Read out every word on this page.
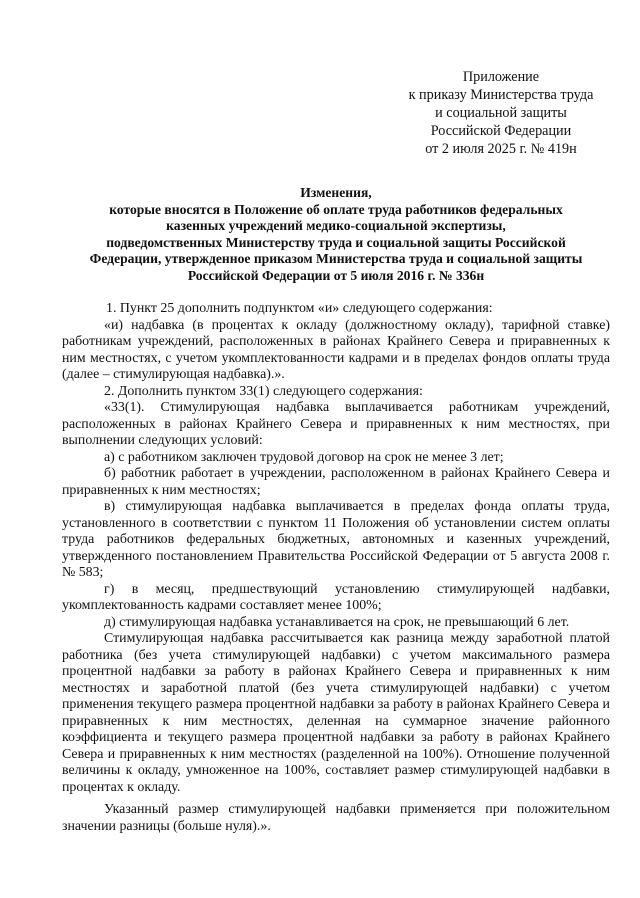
Приложение
к приказу Министерства труда
и социальной защиты
Российской Федерации
от 2 июля 2025 г. № 419н
Изменения,
которые вносятся в Положение об оплате труда работников федеральных
казенных учреждений медико-социальной экспертизы,
подведомственных Министерству труда и социальной защиты Российской
Федерации, утвержденное приказом Министерства труда и социальной защиты
Российской Федерации от 5 июля 2016 г. № 336н

1. Пункт 25 дополнить подпунктом «и» следующего содержания:

«и) надбавка (в процентах к окладу (должностному окладу), тарифной ставке) работникам учреждений, расположенных в районах Крайнего Севера и приравненных к ним местностях, с учетом укомплектованности кадрами и в пределах фондов оплаты труда (далее – стимулирующая надбавка).».

2. Дополнить пунктом 33(1) следующего содержания:

«33(1). Стимулирующая надбавка выплачивается работникам учреждений, расположенных в районах Крайнего Севера и приравненных к ним местностях, при выполнении следующих условий:

а) с работником заключен трудовой договор на срок не менее 3 лет;

б) работник работает в учреждении, расположенном в районах Крайнего Севера и приравненных к ним местностях;

в) стимулирующая надбавка выплачивается в пределах фонда оплаты труда, установленного в соответствии с пунктом 11 Положения об установлении систем оплаты труда работников федеральных бюджетных, автономных и казенных учреждений, утвержденного постановлением Правительства Российской Федерации от 5 августа 2008 г. № 583;

г) в месяц, предшествующий установлению стимулирующей надбавки, укомплектованность кадрами составляет менее 100%;

д) стимулирующая надбавка устанавливается на срок, не превышающий 6 лет.

Стимулирующая надбавка рассчитывается как разница между заработной платой работника (без учета стимулирующей надбавки) с учетом максимального размера процентной надбавки за работу в районах Крайнего Севера и приравненных к ним местностях и заработной платой (без учета стимулирующей надбавки) с учетом применения текущего размера процентной надбавки за работу в районах Крайнего Севера и приравненных к ним местностях, деленная на суммарное значение районного коэффициента и текущего размера процентной надбавки за работу в районах Крайнего Севера и приравненных к ним местностях (разделенной на 100%). Отношение полученной величины к окладу, умноженное на 100%, составляет размер стимулирующей надбавки в процентах к окладу.

Указанный размер стимулирующей надбавки применяется при положительном значении разницы (больше нуля).».
